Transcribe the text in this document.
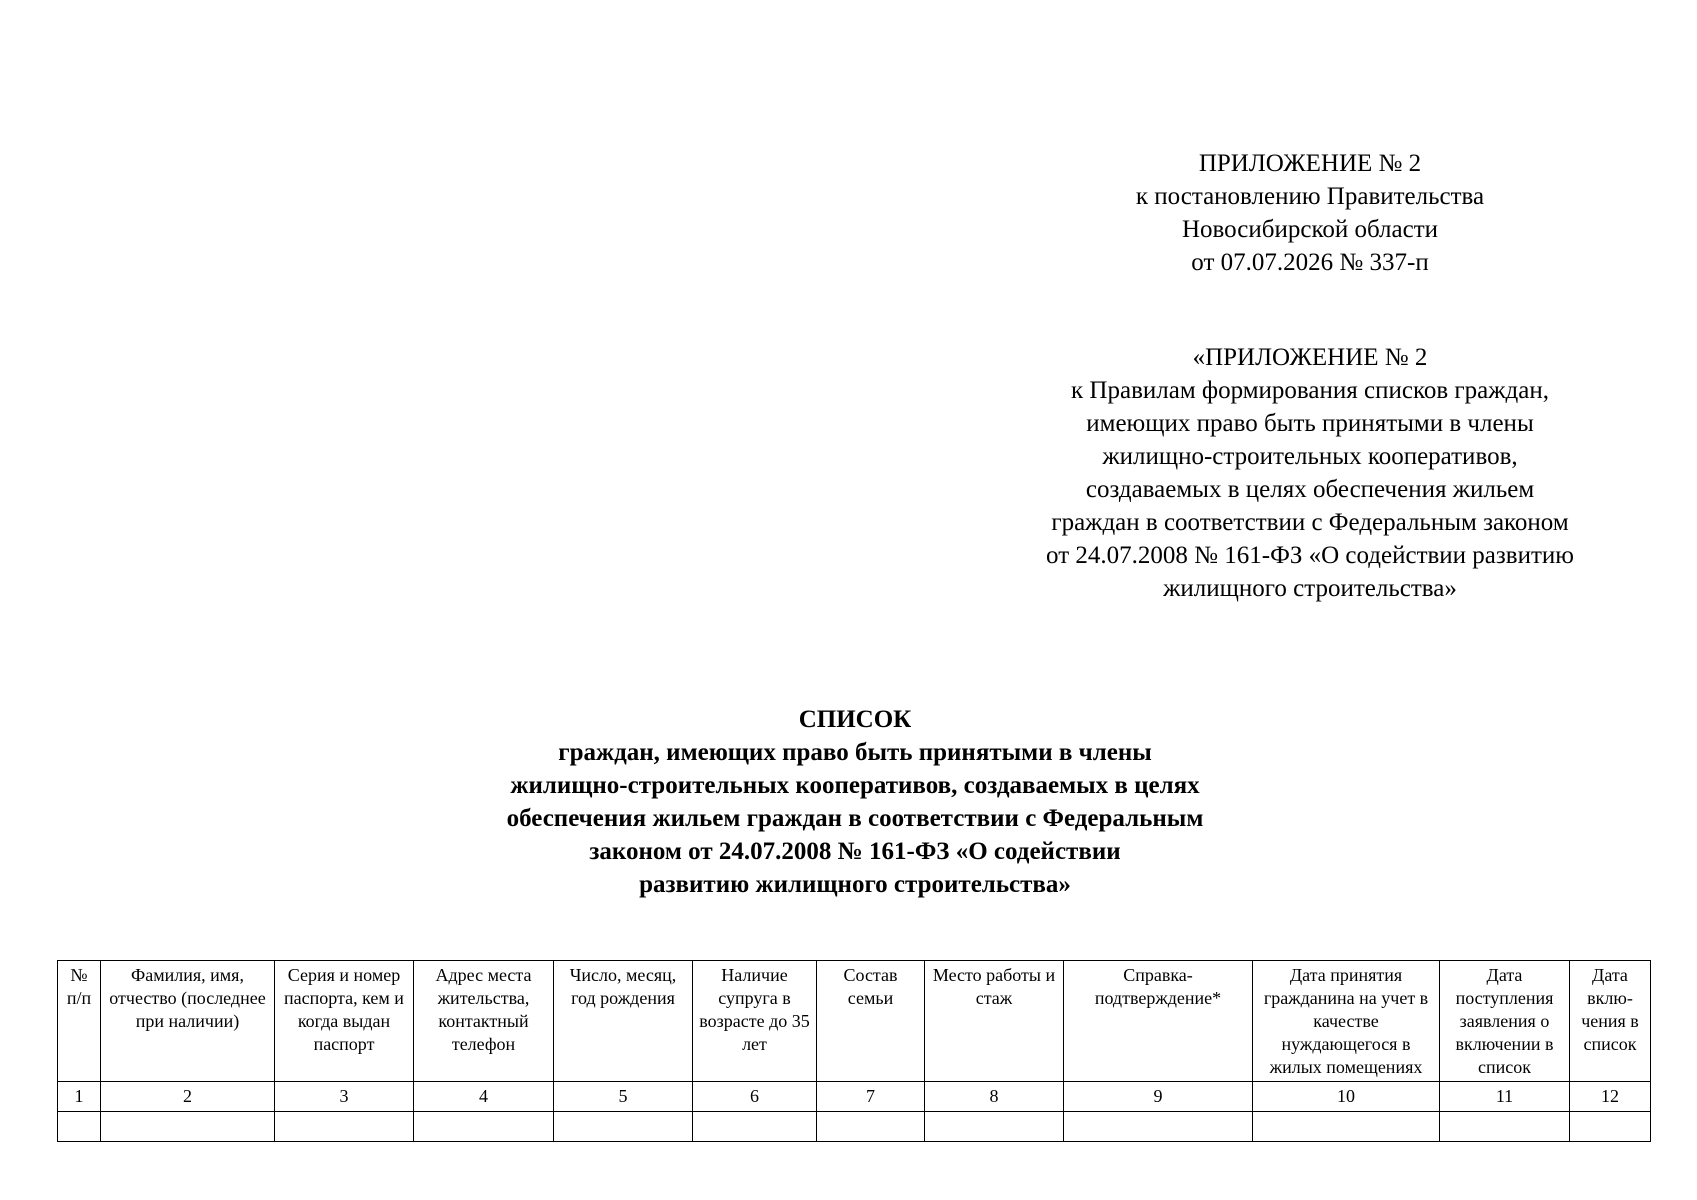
ПРИЛОЖЕНИЕ № 2
к постановлению Правительства
Новосибирской области
от 07.07.2026 № 337-п
«ПРИЛОЖЕНИЕ № 2
к Правилам формирования списков граждан,
имеющих право быть принятыми в члены
жилищно-строительных кооперативов,
создаваемых в целях обеспечения жильем
граждан в соответствии с Федеральным законом
от 24.07.2008 № 161-ФЗ «О содействии развитию
жилищного строительства»
СПИСОК
граждан, имеющих право быть принятыми в члены
жилищно-строительных кооперативов, создаваемых в целях
обеспечения жильем граждан в соответствии с Федеральным
законом от 24.07.2008 № 161-ФЗ «О содействии
развитию жилищного строительства»
№ п/п	Фамилия, имя, отчество (последнее при наличии)	Серия и номер паспорта, кем и когда выдан паспорт	Адрес места жительства, контактный телефон	Число, месяц, год рождения	Наличие супруга в возрасте до 35 лет	Состав семьи	Место работы и стаж	Справка-подтверждение*	Дата принятия гражданина на учет в качестве нуждающегося в жилых помещениях	Дата поступления заявления о включении в список	Дата вклю-чения в список
1	2	3	4	5	6	7	8	9	10	11	12
